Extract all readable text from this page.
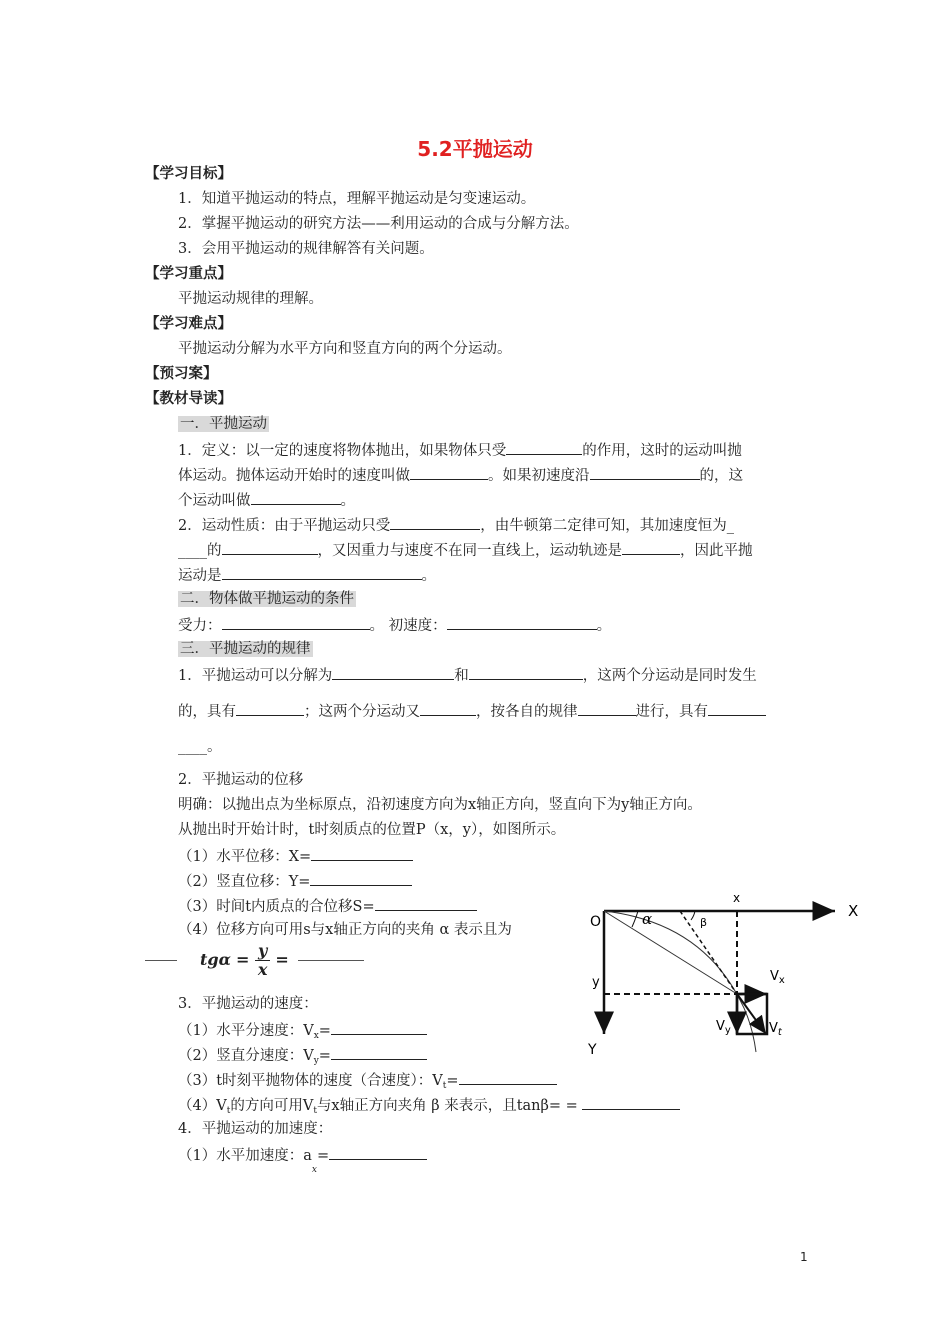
5.2平抛运动
【学习目标】
1．知道平抛运动的特点，理解平抛运动是匀变速运动。
2．掌握平抛运动的研究方法——利用运动的合成与分解方法。
3．会用平抛运动的规律解答有关问题。
【学习重点】
平抛运动规律的理解。
【学习难点】
平抛运动分解为水平方向和竖直方向的两个分运动。
【预习案】
【教材导读】
一．平抛运动
1．定义：以一定的速度将物体抛出，如果物体只受	的作用，这时的运动叫抛
体运动。抛体运动开始时的速度叫做	。如果初速度沿	的，这
个运动叫做	。
2．运动性质：由于平抛运动只受	，由牛顿第二定律可知，其加速度恒为_
____的	，又因重力与速度不在同一直线上，运动轨迹是	，因此平抛
运动是	。
二．物体做平抛运动的条件
受力：	。 初速度：	。
三．平抛运动的规律
1．平抛运动可以分解为	和	，这两个分运动是同时发生
的，具有	；这两个分运动又	，按各自的规律	进行，具有
____。
2．平抛运动的位移
明确：以抛出点为坐标原点，沿初速度方向为x轴正方向，竖直向下为y轴正方向。
从抛出时开始计时，t时刻质点的位置P（x，y），如图所示。
（1）水平位移：X=
（2）竖直位移：Y=
（3）时间t内质点的合位移S=
（4）位移方向可用s与x轴正方向的夹角 α 表示且为
$tg\alpha = \frac{y}{x}$ =
3．平抛运动的速度：
（1）水平分速度：$V_x=$
（2）竖直分速度：$V_y=$
（3）t时刻平抛物体的速度（合速度）：$V_t=$
$(4)V_t$的方向可用$V_t$与x轴正方向夹角 β 来表示，且tanβ= =
4．平抛运动的加速度：
（1）水平加速度：$a_x=$
O
X
Y
x
y
α	β
$V_x$
$V_y$	$V_t$
1
